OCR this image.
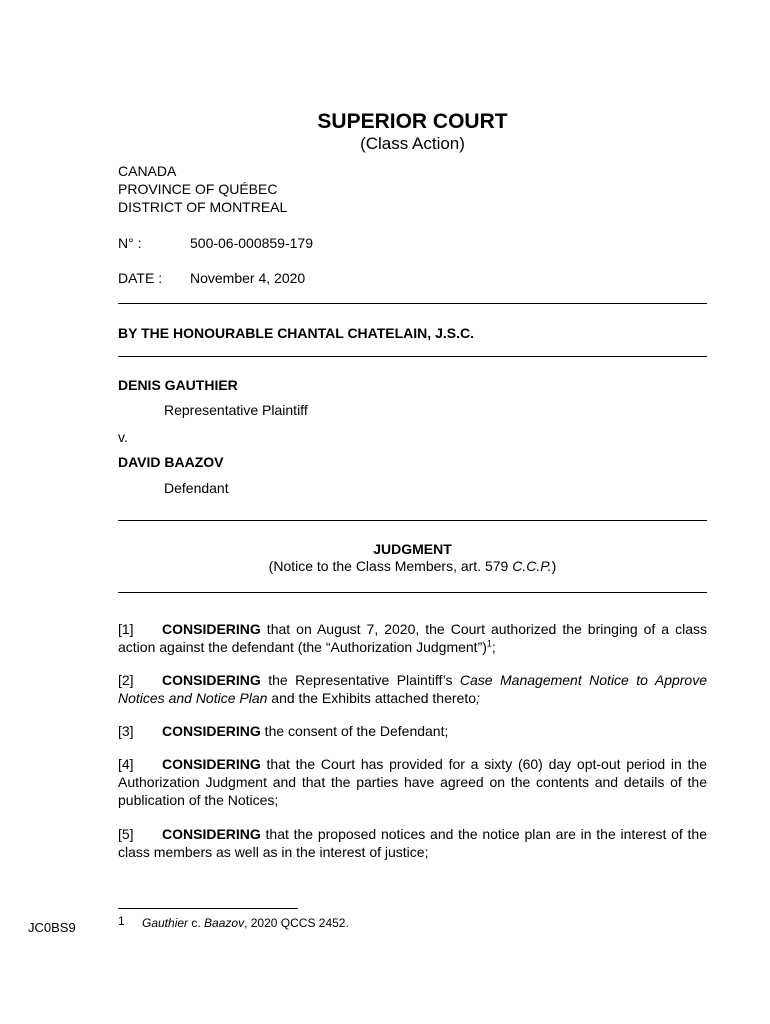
SUPERIOR COURT
(Class Action)
CANADA
PROVINCE OF QUÉBEC
DISTRICT OF MONTREAL
N° :	500-06-000859-179
DATE : November 4, 2020
BY THE HONOURABLE CHANTAL CHATELAIN, J.S.C.
DENIS GAUTHIER
Representative Plaintiff
v.
DAVID BAAZOV
Defendant
JUDGMENT
(Notice to the Class Members, art. 579 C.C.P.)
[1] CONSIDERING that on August 7, 2020, the Court authorized the bringing of a class action against the defendant (the “Authorization Judgment”)$^1$;
[2] CONSIDERING the Representative Plaintiff’s Case Management Notice to Approve Notices and Notice Plan and the Exhibits attached thereto;
[3] CONSIDERING the consent of the Defendant;
[4] CONSIDERING that the Court has provided for a sixty (60) day opt-out period in the Authorization Judgment and that the parties have agreed on the contents and details of the publication of the Notices;
[5] CONSIDERING that the proposed notices and the notice plan are in the interest of the class members as well as in the interest of justice;
1 Gauthier c. Baazov, 2020 QCCS 2452.
JC0BS9
